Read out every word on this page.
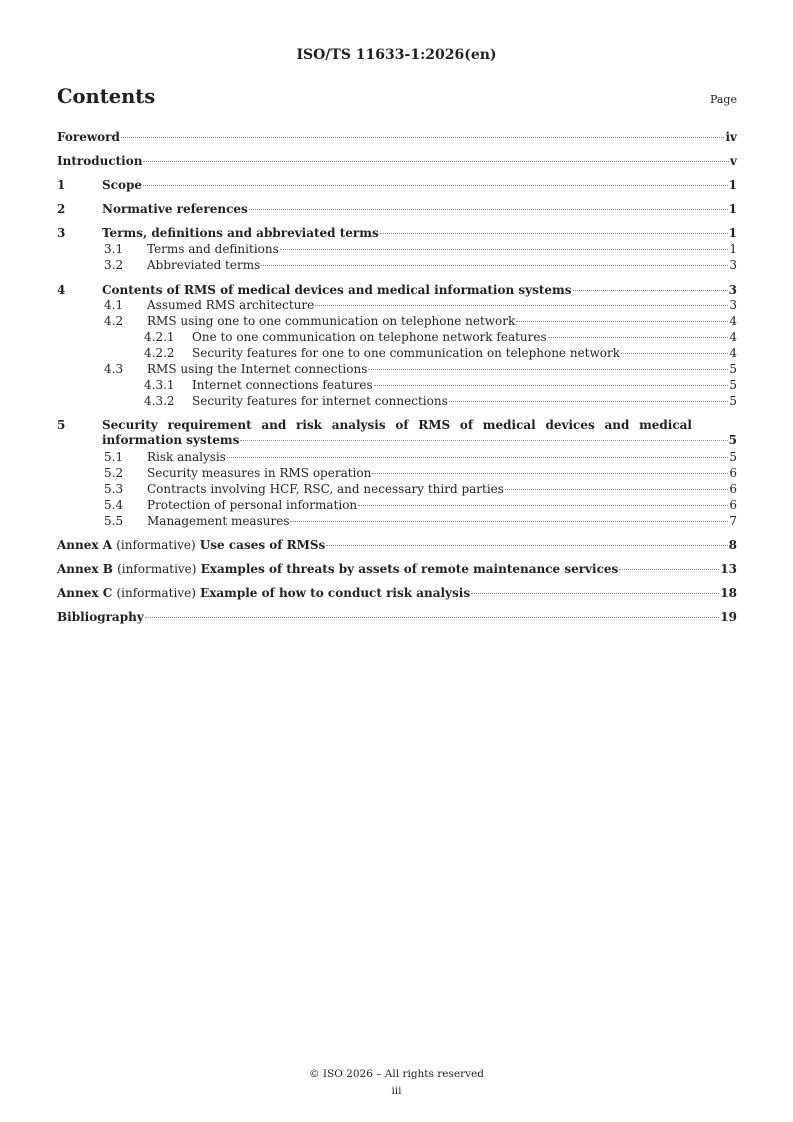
ISO/TS 11633-1:2026(en)
Contents	Page
Foreword	iv
Introduction	v
1	Scope	1
2	Normative references	1
3	Terms, definitions and abbreviated terms	1
3.1 Terms and definitions	1
3.2 Abbreviated terms	3
4	Contents of RMS of medical devices and medical information systems	3
4.1 Assumed RMS architecture	3
4.2 RMS using one to one communication on telephone network	4
4.2.1 One to one communication on telephone network features	4
4.2.2 Security features for one to one communication on telephone network	4
4.3 RMS using the Internet connections	5
4.3.1 Internet connections features	5
4.3.2 Security features for internet connections	5
5	Security requirement and risk analysis of RMS of medical devices and medical
information systems	5
5.1 Risk analysis	5
5.2 Security measures in RMS operation	6
5.3 Contracts involving HCF, RSC, and necessary third parties	6
5.4 Protection of personal information	6
5.5 Management measures	7
Annex A (informative) Use cases of RMSs	8
Annex B (informative) Examples of threats by assets of remote maintenance services	13
Annex C (informative) Example of how to conduct risk analysis	18
Bibliography	19
© ISO 2026 – All rights reserved
iii
